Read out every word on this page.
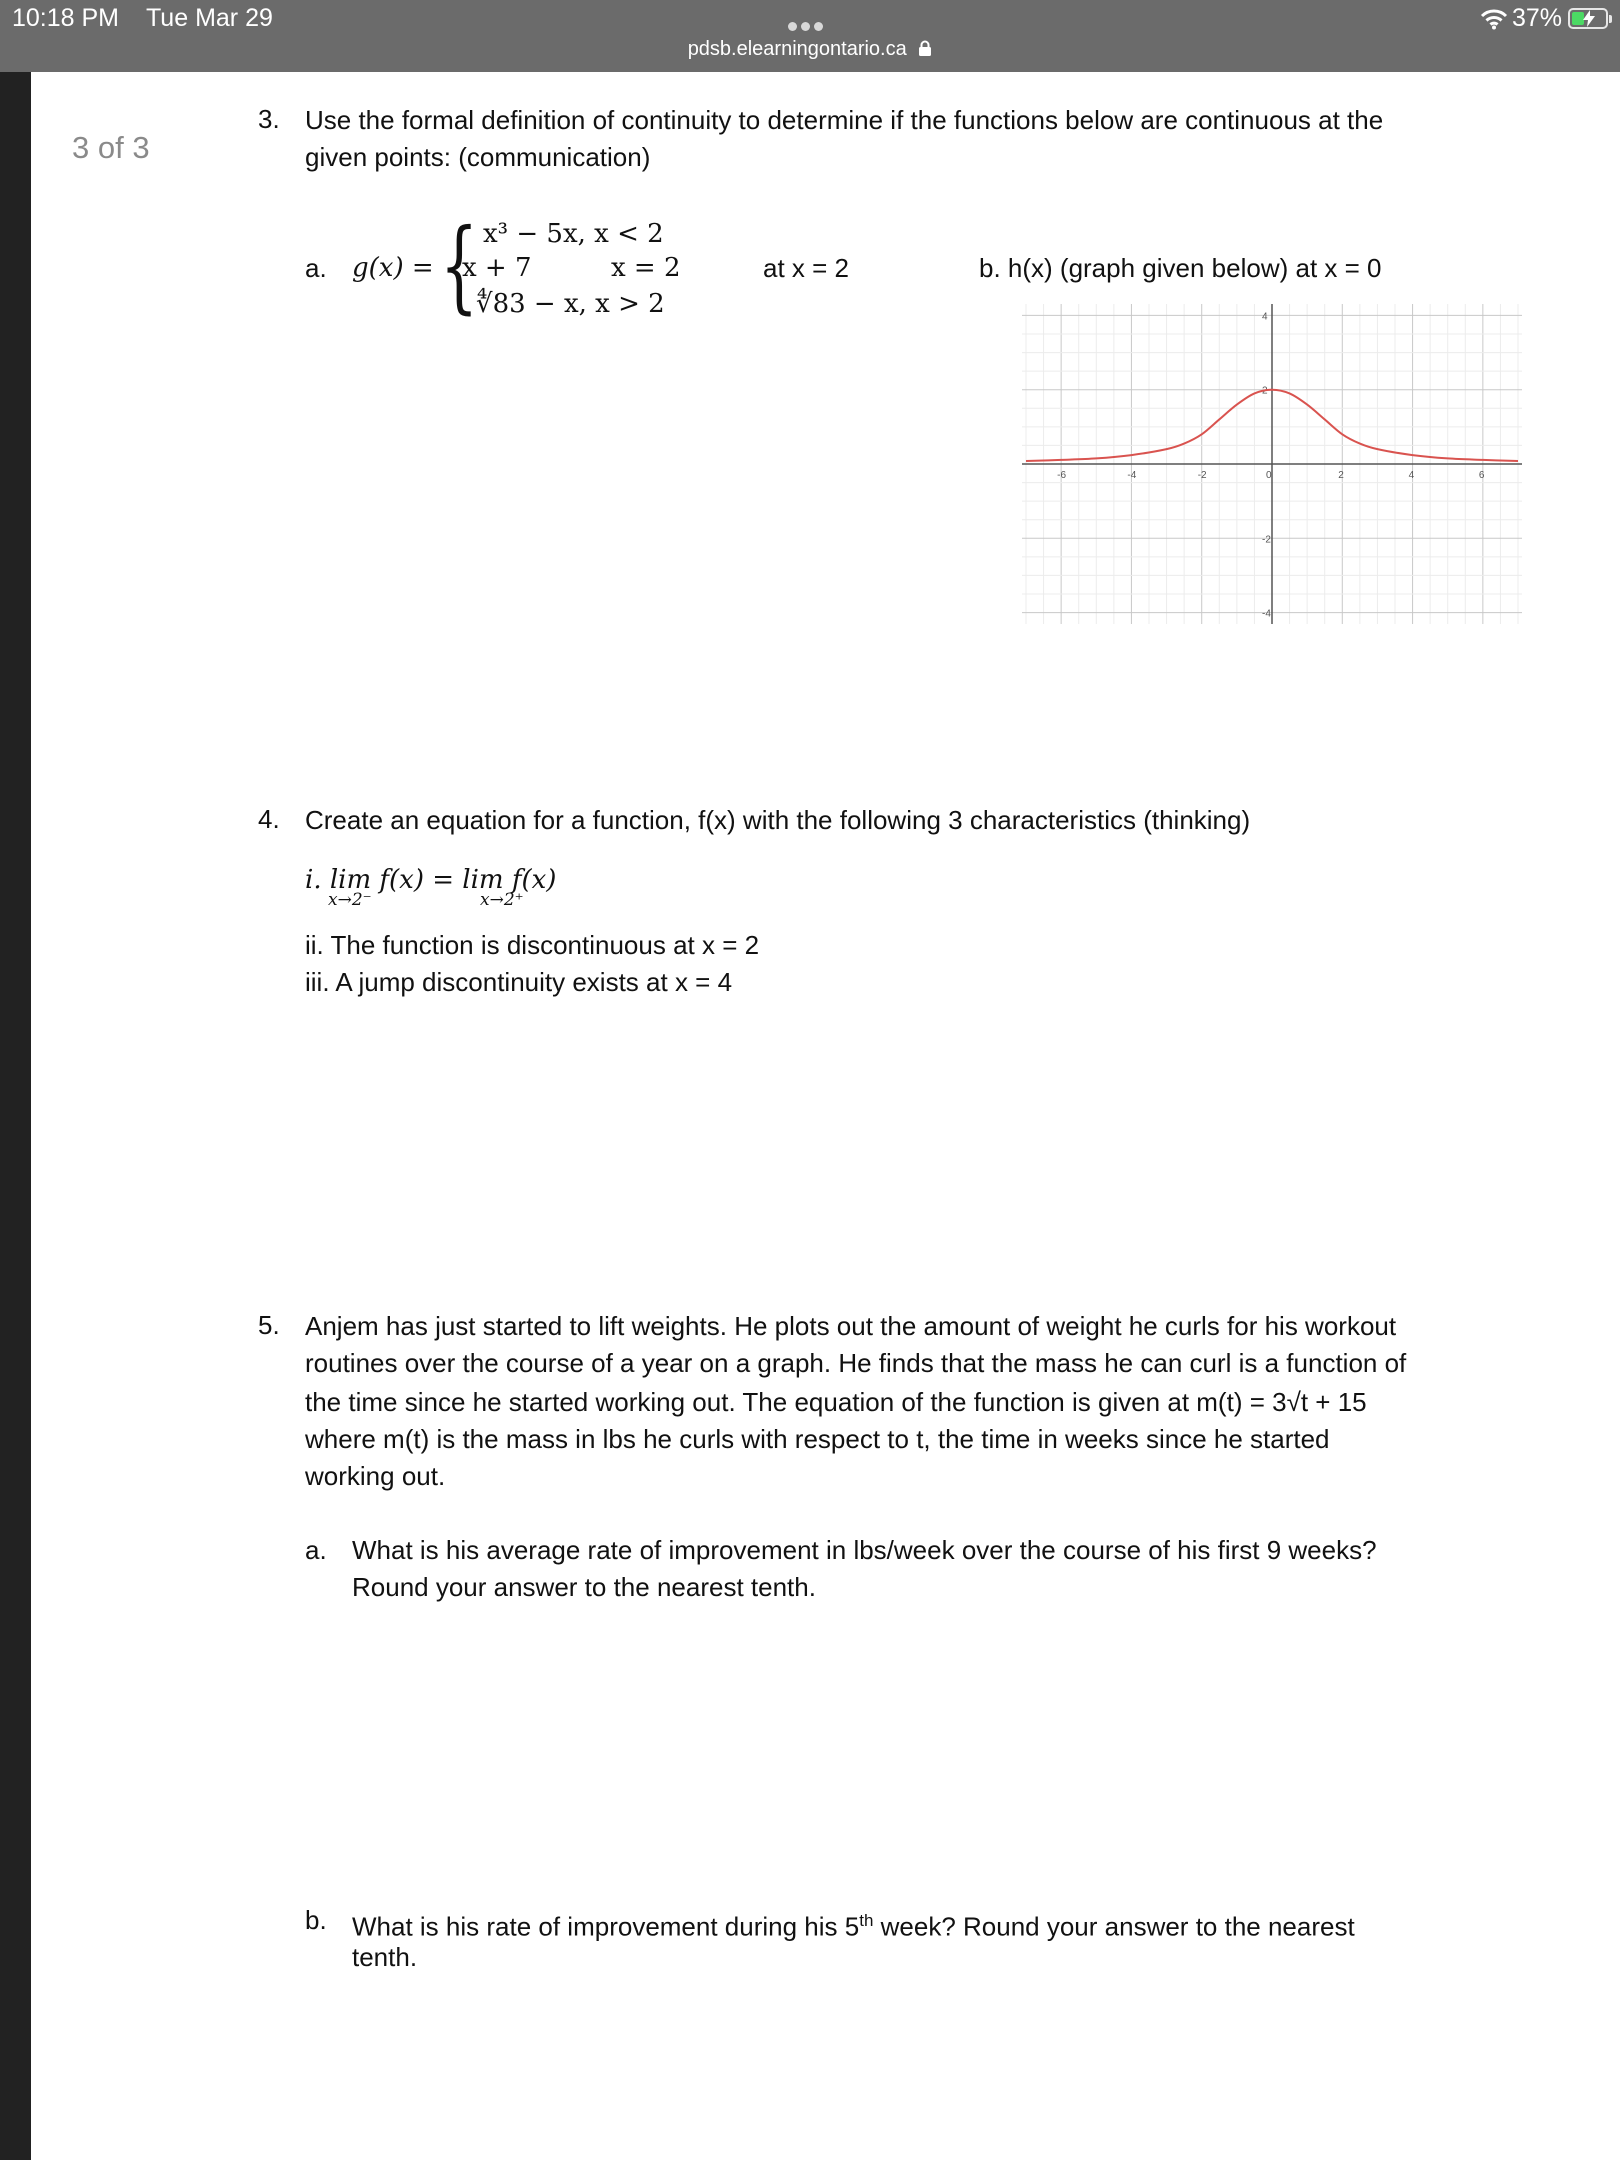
10:18 PM Tue Mar 29
pdsb.elearningontario.ca
37%
3 of 3
3. Use the formal definition of continuity to determine if the functions below are continuous at the
given points: (communication)
a. g(x) = { x³ − 5x, x < 2
x + 7	x = 2
∜83 − x, x > 2
at x = 2	b. h(x) (graph given below) at x = 0
-6	-4	-2	0	2	4	6
4
2
-2
-4
4. Create an equation for a function, f(x) with the following 3 characteristics (thinking)
i. lim f(x) = lim f(x)
x→2⁻	x→2⁺
ii. The function is discontinuous at x = 2
iii. A jump discontinuity exists at x = 4
5. Anjem has just started to lift weights. He plots out the amount of weight he curls for his workout
routines over the course of a year on a graph. He finds that the mass he can curl is a function of
the time since he started working out. The equation of the function is given at m(t) = 3√t + 15
where m(t) is the mass in lbs he curls with respect to t, the time in weeks since he started
working out.
a. What is his average rate of improvement in lbs/week over the course of his first 9 weeks?
Round your answer to the nearest tenth.
b. What is his rate of improvement during his 5th week? Round your answer to the nearest
tenth.
